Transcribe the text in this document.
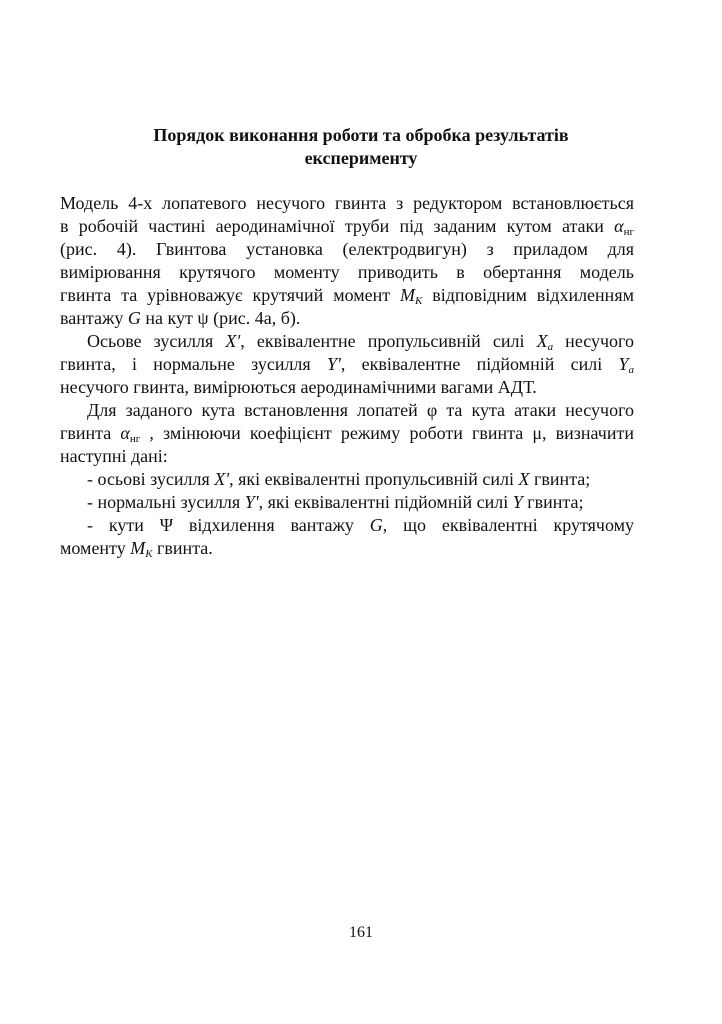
Порядок виконання роботи та обробка результатів
експерименту
Модель 4-х лопатевого несучого гвинта з редуктором встановлюється
в робочій частині аеродинамічної труби під заданим кутом атаки $\alpha_{нг}$
(рис. 4). Гвинтова установка (електродвигун) з приладом для
вимірювання крутячого моменту приводить в обертання модель
гвинта та урівноважує крутячий момент $M_K$ відповідним відхиленням
вантажу G на кут ψ (рис. 4а, б).
Осьове зусилля X', еквівалентне пропульсивній силі $X_a$ несучого
гвинта, і нормальне зусилля Y', еквівалентне підйомній силі $Y_a$
несучого гвинта, вимірюються аеродинамічними вагами АДТ.
Для заданого кута встановлення лопатей φ та кута атаки несучого
гвинта $\alpha_{нг}$ , змінюючи коефіцієнт режиму роботи гвинта μ, визначити
наступні дані:
- осьові зусилля X', які еквівалентні пропульсивній силі X гвинта;
- нормальні зусилля Y', які еквівалентні підйомній силі Y гвинта;
- кути Ψ відхилення вантажу G, що еквівалентні крутячому
моменту $M_K$ гвинта.
161
